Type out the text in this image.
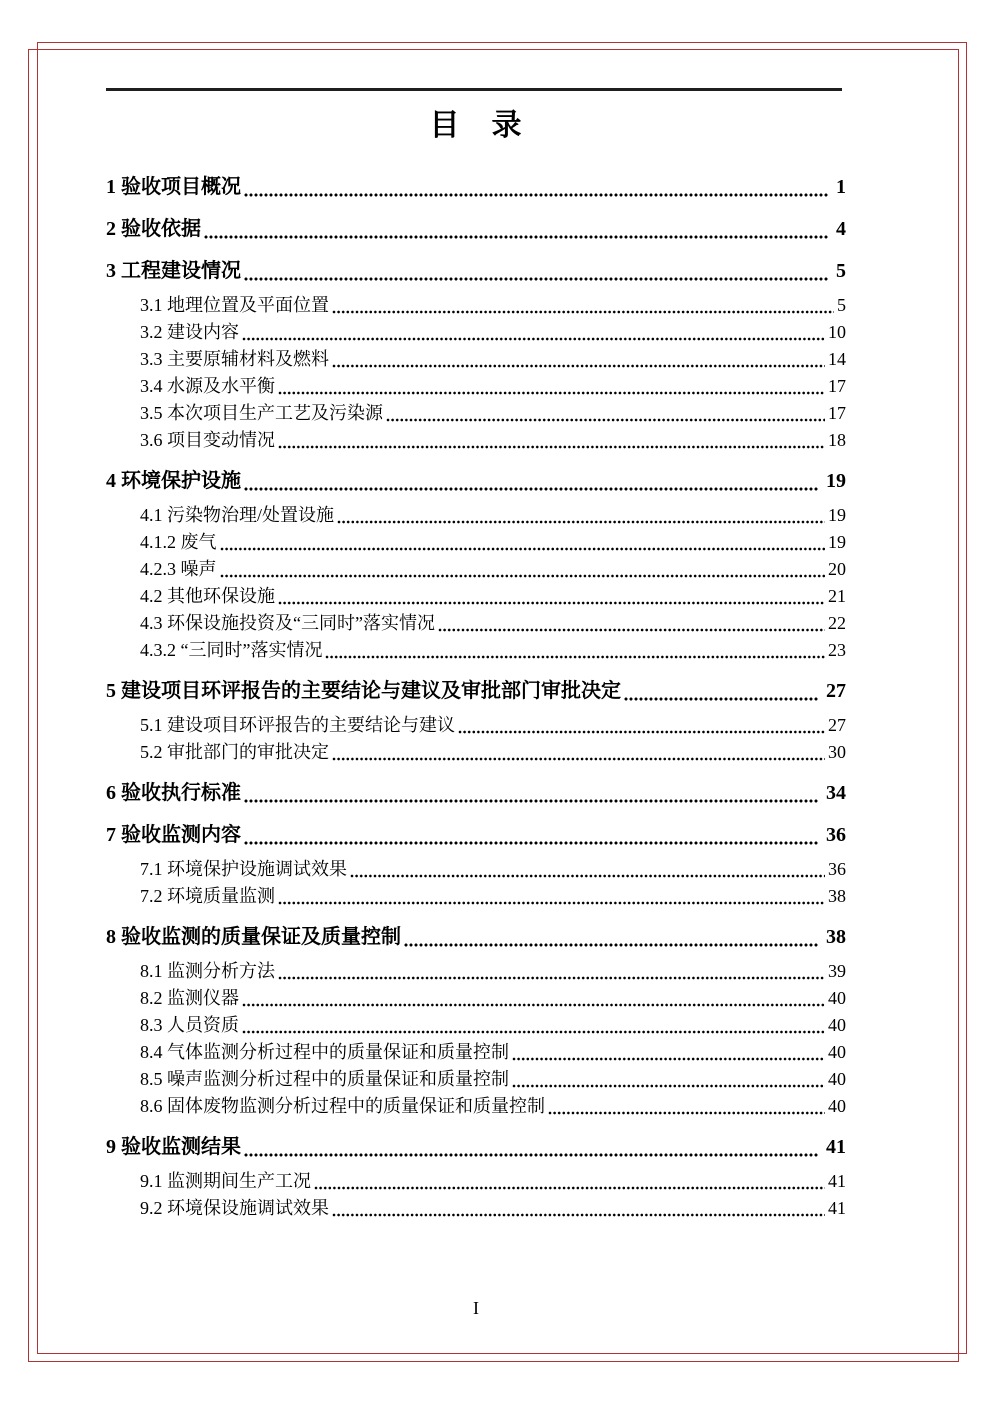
目　录
1 验收项目概况	1
2 验收依据	4
3 工程建设情况	5
3.1 地理位置及平面位置	5
3.2 建设内容	10
3.3 主要原辅材料及燃料	14
3.4 水源及水平衡	17
3.5 本次项目生产工艺及污染源	17
3.6 项目变动情况	18
4 环境保护设施	19
4.1 污染物治理/处置设施	19
4.1.2 废气	19
4.2.3 噪声	20
4.2 其他环保设施	21
4.3 环保设施投资及“三同时”落实情况	22
4.3.2 “三同时”落实情况	23
5 建设项目环评报告的主要结论与建议及审批部门审批决定	27
5.1 建设项目环评报告的主要结论与建议	27
5.2 审批部门的审批决定	30
6 验收执行标准	34
7 验收监测内容	36
7.1 环境保护设施调试效果	36
7.2 环境质量监测	38
8 验收监测的质量保证及质量控制	38
8.1 监测分析方法	39
8.2 监测仪器	40
8.3 人员资质	40
8.4 气体监测分析过程中的质量保证和质量控制	40
8.5 噪声监测分析过程中的质量保证和质量控制	40
8.6 固体废物监测分析过程中的质量保证和质量控制	40
9 验收监测结果	41
9.1 监测期间生产工况	41
9.2 环境保设施调试效果	41
I
